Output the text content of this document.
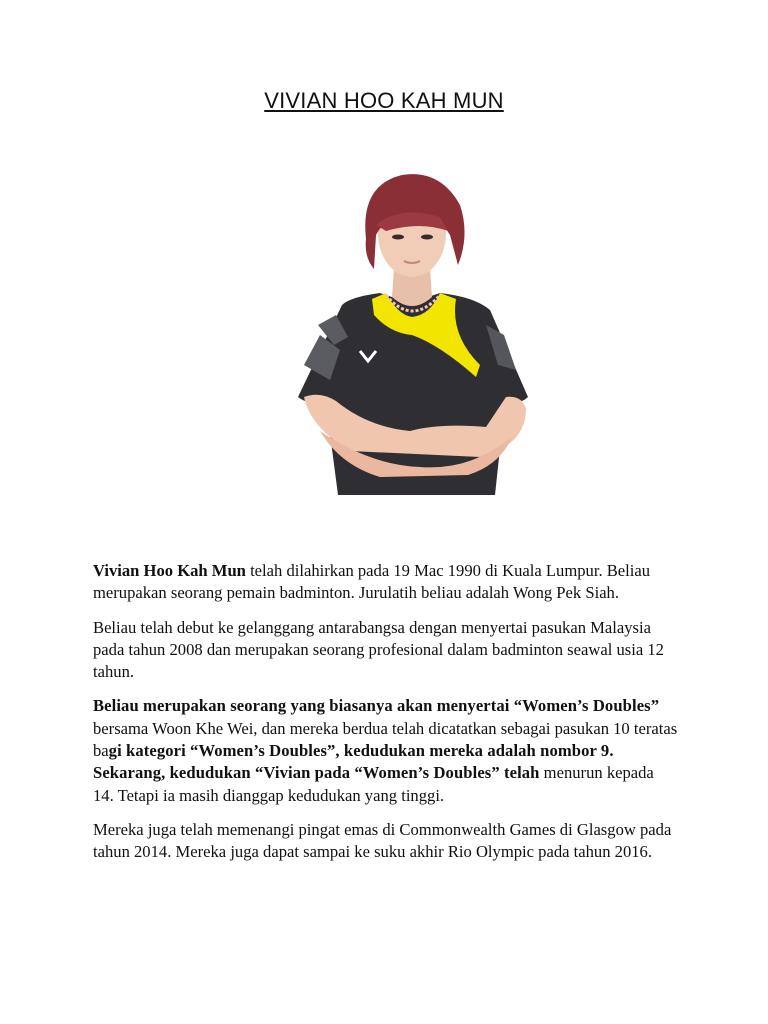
VIVIAN HOO KAH MUN

Vivian Hoo Kah Mun telah dilahirkan pada 19 Mac 1990 di Kuala Lumpur. Beliau merupakan seorang pemain badminton. Jurulatih beliau adalah Wong Pek Siah.

Beliau telah debut ke gelanggang antarabangsa dengan menyertai pasukan Malaysia pada tahun 2008 dan merupakan seorang profesional dalam badminton seawal usia 12 tahun.

Beliau merupakan seorang yang biasanya akan menyertai “Women’s Doubles” bersama Woon Khe Wei, dan mereka berdua telah dicatatkan sebagai pasukan 10 teratas bagi kategori “Women’s Doubles”, kedudukan mereka adalah nombor 9. Sekarang, kedudukan “Vivian pada “Women’s Doubles” telah menurun kepada 14. Tetapi ia masih dianggap kedudukan yang tinggi.

Mereka juga telah memenangi pingat emas di Commonwealth Games di Glasgow pada tahun 2014. Mereka juga dapat sampai ke suku akhir Rio Olympic pada tahun 2016.
